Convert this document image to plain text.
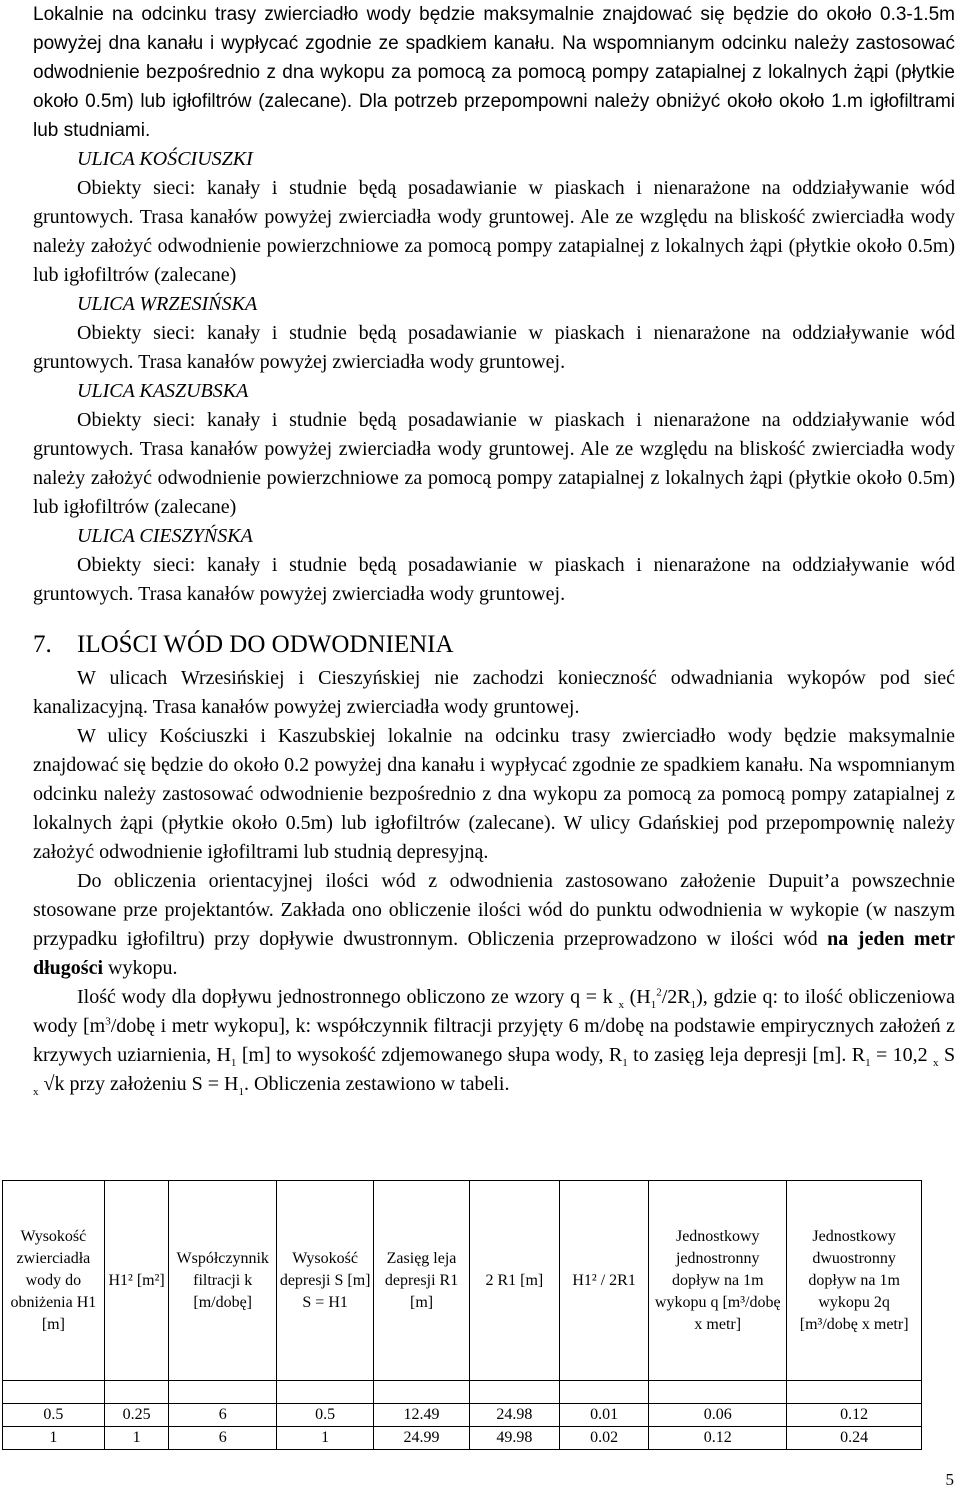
Lokalnie na odcinku trasy zwierciadło wody będzie maksymalnie znajdować się będzie do około 0.3-1.5m powyżej dna kanału i wypłycać zgodnie ze spadkiem kanału. Na wspomnianym odcinku należy zastosować odwodnienie bezpośrednio z dna wykopu za pomocą za pomocą pompy zatapialnej z lokalnych żąpi (płytkie około 0.5m) lub igłofiltrów (zalecane). Dla potrzeb przepompowni należy obniżyć około około 1.m igłofiltrami lub studniami.

ULICA KOŚCIUSZKI

Obiekty sieci: kanały i studnie będą posadawianie w piaskach i nienarażone na oddziaływanie wód gruntowych. Trasa kanałów powyżej zwierciadła wody gruntowej. Ale ze względu na bliskość zwierciadła wody należy założyć odwodnienie powierzchniowe za pomocą pompy zatapialnej z lokalnych żąpi (płytkie około 0.5m) lub igłofiltrów (zalecane)

ULICA WRZESIŃSKA

Obiekty sieci: kanały i studnie będą posadawianie w piaskach i nienarażone na oddziaływanie wód gruntowych. Trasa kanałów powyżej zwierciadła wody gruntowej.

ULICA KASZUBSKA

Obiekty sieci: kanały i studnie będą posadawianie w piaskach i nienarażone na oddziaływanie wód gruntowych. Trasa kanałów powyżej zwierciadła wody gruntowej. Ale ze względu na bliskość zwierciadła wody należy założyć odwodnienie powierzchniowe za pomocą pompy zatapialnej z lokalnych żąpi (płytkie około 0.5m) lub igłofiltrów (zalecane)

ULICA CIESZYŃSKA

Obiekty sieci: kanały i studnie będą posadawianie w piaskach i nienarażone na oddziaływanie wód gruntowych. Trasa kanałów powyżej zwierciadła wody gruntowej.

7. ILOŚCI WÓD DO ODWODNIENIA

W ulicach Wrzesińskiej i Cieszyńskiej nie zachodzi konieczność odwadniania wykopów pod sieć kanalizacyjną. Trasa kanałów powyżej zwierciadła wody gruntowej.

W ulicy Kościuszki i Kaszubskiej lokalnie na odcinku trasy zwierciadło wody będzie maksymalnie znajdować się będzie do około 0.2 powyżej dna kanału i wypłycać zgodnie ze spadkiem kanału. Na wspomnianym odcinku należy zastosować odwodnienie bezpośrednio z dna wykopu za pomocą za pomocą pompy zatapialnej z lokalnych żąpi (płytkie około 0.5m) lub igłofiltrów (zalecane). W ulicy Gdańskiej pod przepompownię należy założyć odwodnienie igłofiltrami lub studnią depresyjną.

Do obliczenia orientacyjnej ilości wód z odwodnienia zastosowano założenie Dupuit’a powszechnie stosowane prze projektantów. Zakłada ono obliczenie ilości wód do punktu odwodnienia w wykopie (w naszym przypadku igłofiltru) przy dopływie dwustronnym. Obliczenia przeprowadzono w ilości wód na jeden metr długości wykopu.

Ilość wody dla dopływu jednostronnego obliczono ze wzory q = k $_x$ $(H_1^2/2R_1)$, gdzie q: to ilość obliczeniowa wody [$m^3$/dobę i metr wykopu], k: współczynnik filtracji przyjęty 6 m/dobę na podstawie empirycznych założeń z krzywych uziarnienia, $H_1$ [m] to wysokość zdjemowanego słupa wody, $R_1$ to zasięg leja depresji [m]. $R_1 = 10,2$ $_x$ S $_x$ √k przy założeniu $S = H_1$. Obliczenia zestawiono w tabeli.

Wysokość zwierciadła wody do obniżenia H1 [m]	H1² [m²]	Współczynnik filtracji k [m/dobę]	Wysokość depresji S [m] S = H1	Zasięg leja depresji R1 [m]	2 R1 [m]	H1² / 2R1	Jednostkowy jednostronny dopływ na 1m wykopu q [m³/dobę x metr]	Jednostkowy dwuostronny dopływ na 1m wykopu 2q [m³/dobę x metr]

0.5	0.25	6	0.5	12.49	24.98	0.01	0.06	0.12
1	1	6	1	24.99	49.98	0.02	0.12	0.24
5
